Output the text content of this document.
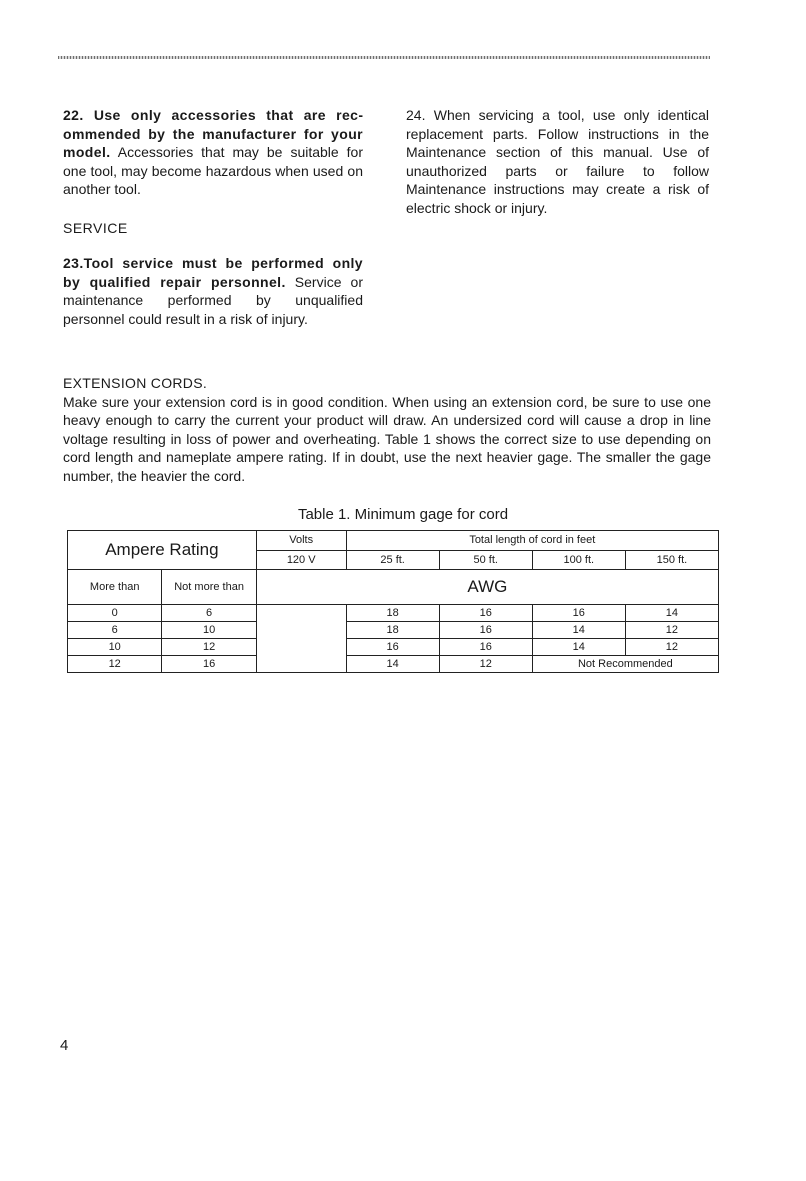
22. Use only accessories that are recommended by the manufacturer for your model. Accessories that may be suitable for one tool, may become hazardous when used on another tool.

SERVICE

23.Tool service must be performed only by qualified repair personnel. Service or maintenance performed by unqualified personnel could result in a risk of injury.

24. When servicing a tool, use only identical replacement parts. Follow instructions in the Maintenance section of this manual. Use of unauthorized parts or failure to follow Maintenance instructions may create a risk of electric shock or injury.

EXTENSION CORDS.

Make sure your extension cord is in good condition. When using an extension cord, be sure to use one heavy enough to carry the current your product will draw. An undersized cord will cause a drop in line voltage resulting in loss of power and overheating. Table 1 shows the correct size to use depending on cord length and nameplate ampere rating. If in doubt, use the next heavier gage. The smaller the gage number, the heavier the cord.

Table 1. Minimum gage for cord
Ampere Rating		Volts	Total length of cord in feet			
		120 V	25 ft.	50 ft.	100 ft.	150 ft.
More than	Not more than	AWG				
0	6		18	16	16	14
6	10		18	16	14	12
10	12		16	16	14	12
12	16		14	12	Not Recommended	
4
